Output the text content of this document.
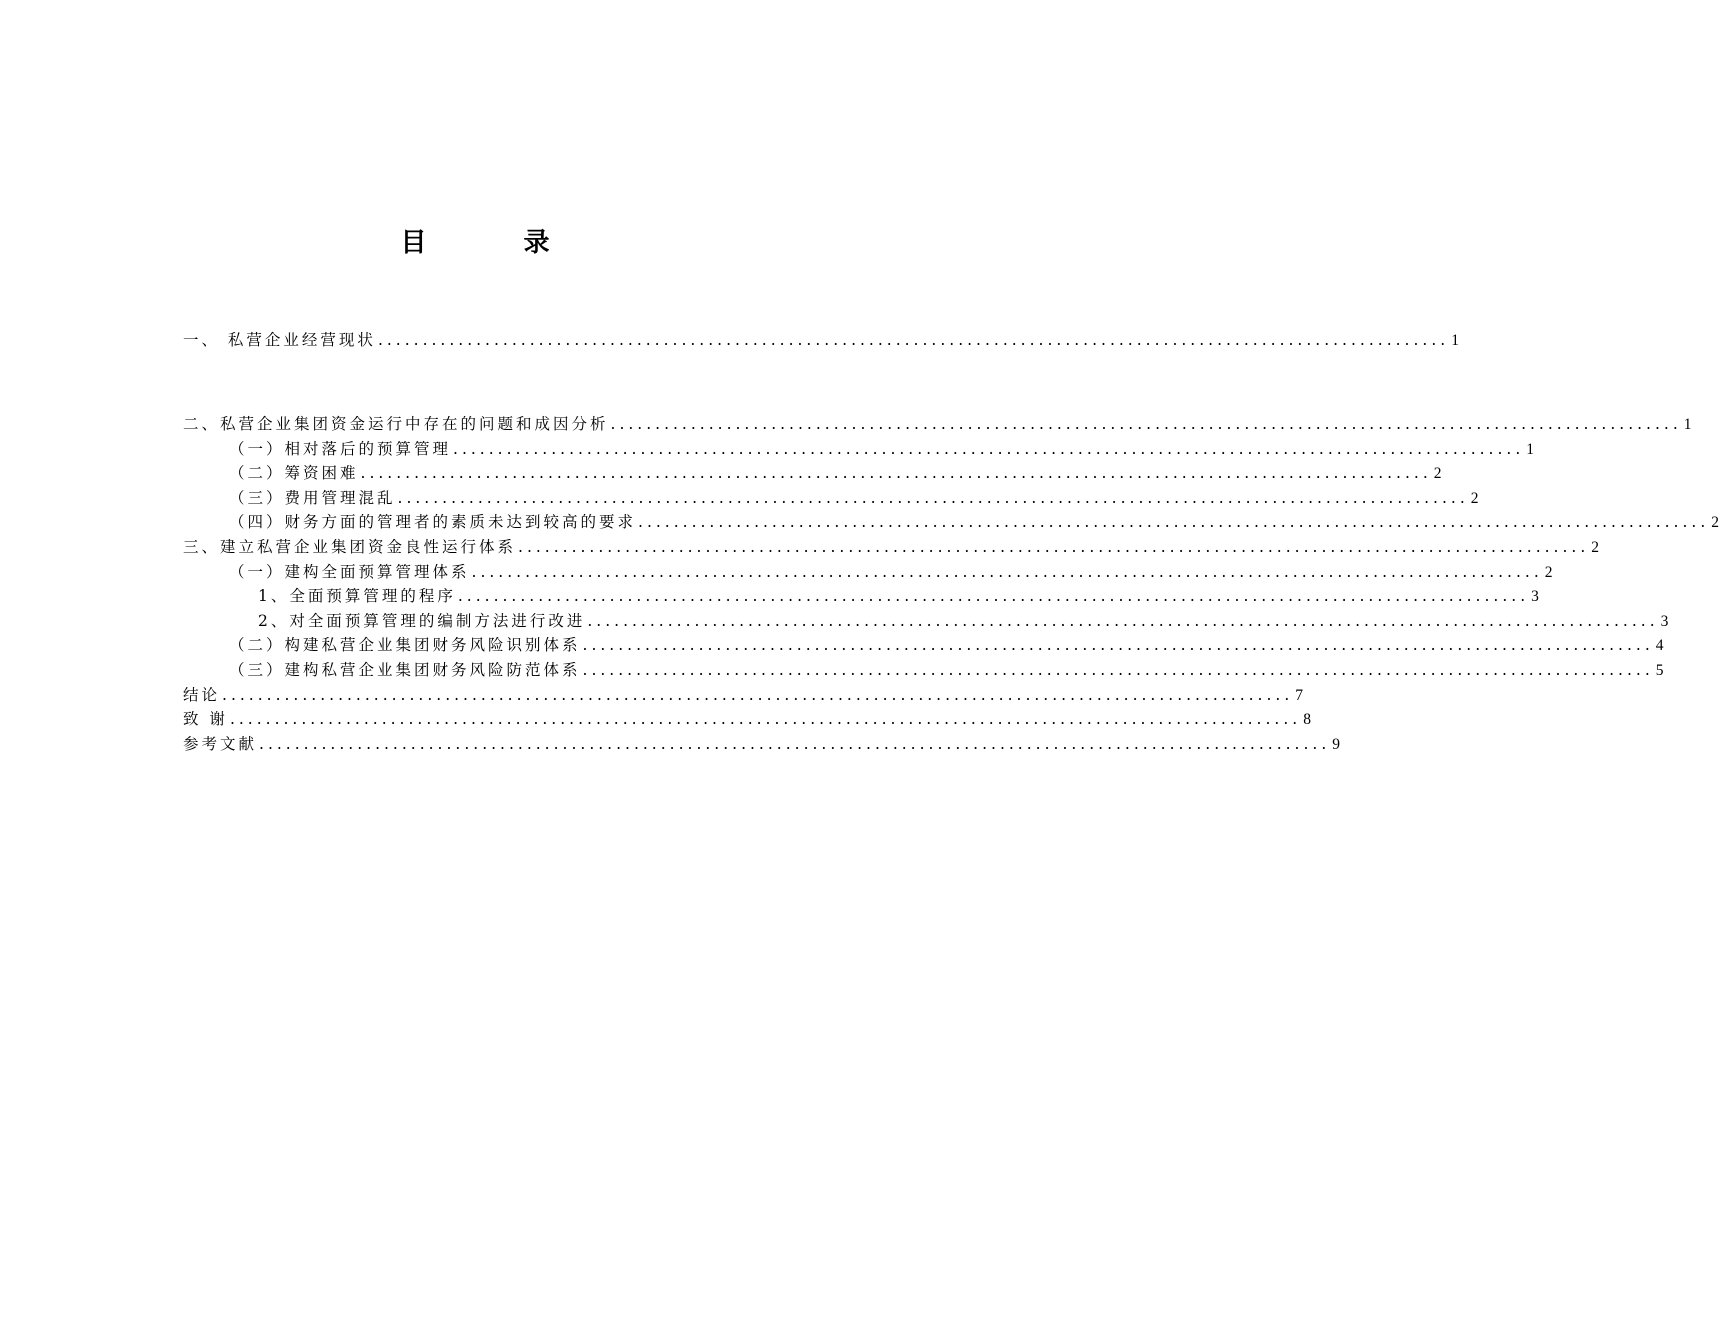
目 录
一、 私营企业经营现状 ........................................................................................................................ 1
二、私营企业集团资金运行中存在的问题和成因分析 ........................................................................................................................ 1
（一）相对落后的预算管理 ........................................................................................................................ 1
（二）筹资困难 ........................................................................................................................ 2
（三）费用管理混乱 ........................................................................................................................ 2
（四）财务方面的管理者的素质未达到较高的要求 ........................................................................................................................ 2
三、建立私营企业集团资金良性运行体系 ........................................................................................................................ 2
（一）建构全面预算管理体系 ........................................................................................................................ 2
1、全面预算管理的程序 ........................................................................................................................ 3
2、对全面预算管理的编制方法进行改进 ........................................................................................................................ 3
（二）构建私营企业集团财务风险识别体系 ........................................................................................................................ 4
（三）建构私营企业集团财务风险防范体系 ........................................................................................................................ 5
结论 ........................................................................................................................ 7
致 谢 ........................................................................................................................ 8
参考文献 ........................................................................................................................ 9
